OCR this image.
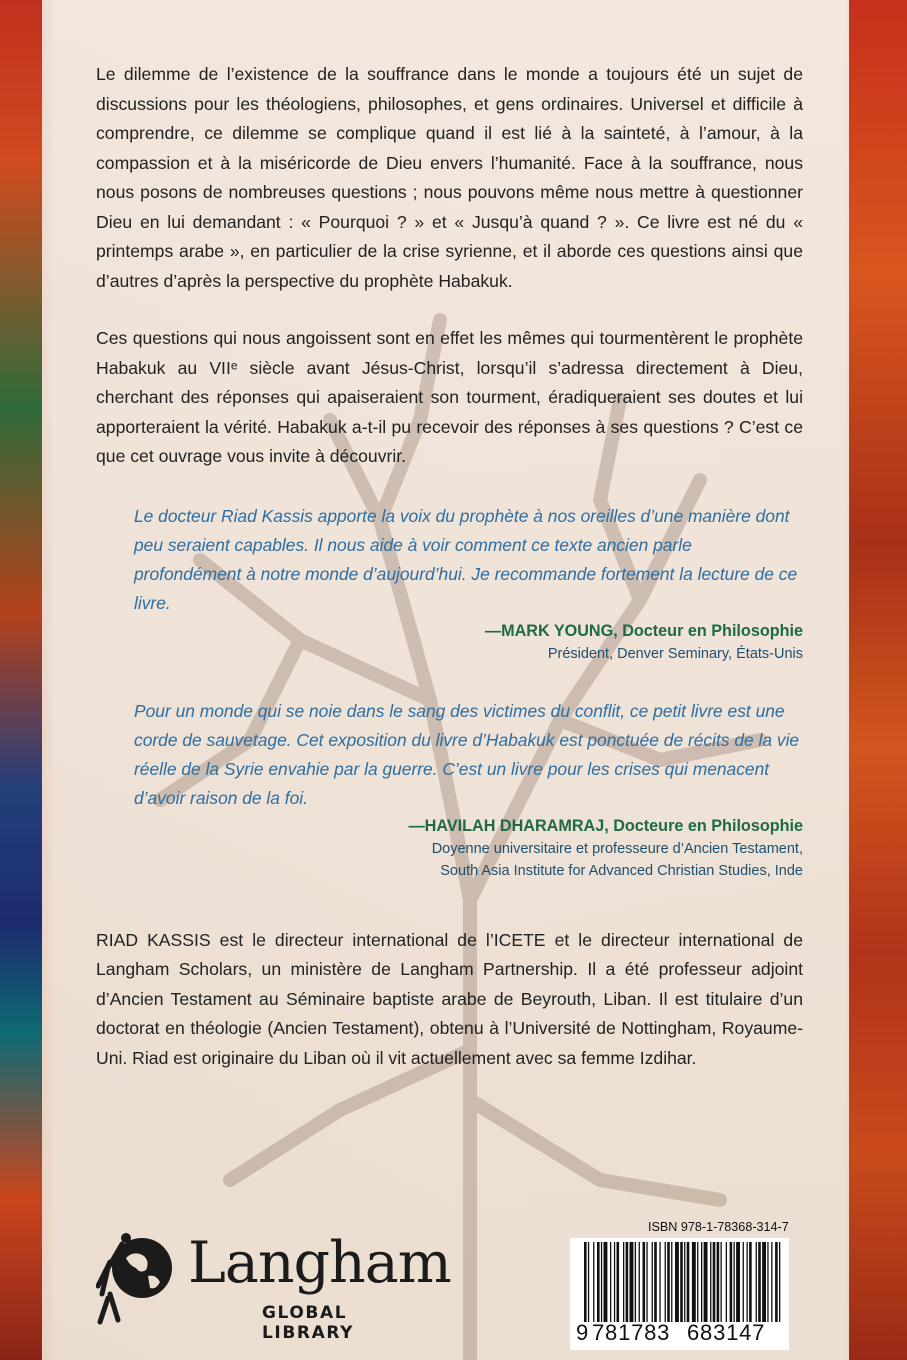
Le dilemme de l’existence de la souffrance dans le monde a toujours été un sujet de discussions pour les théologiens, philosophes, et gens ordinaires. Universel et difficile à comprendre, ce dilemme se complique quand il est lié à la sainteté, à l’amour, à la compassion et à la miséricorde de Dieu envers l’humanité. Face à la souffrance, nous nous posons de nombreuses questions ; nous pouvons même nous mettre à questionner Dieu en lui demandant : « Pourquoi ? » et « Jusqu’à quand ? ». Ce livre est né du « printemps arabe », en particulier de la crise syrienne, et il aborde ces questions ainsi que d’autres d’après la perspective du prophète Habakuk.

Ces questions qui nous angoissent sont en effet les mêmes qui tourmentèrent le prophète Habakuk au VIIᵉ siècle avant Jésus-Christ, lorsqu’il s’adressa directement à Dieu, cherchant des réponses qui apaiseraient son tourment, éradiqueraient ses doutes et lui apporteraient la vérité. Habakuk a-t-il pu recevoir des réponses à ses questions ? C’est ce que cet ouvrage vous invite à découvrir.

Le docteur Riad Kassis apporte la voix du prophète à nos oreilles d’une manière dont peu seraient capables. Il nous aide à voir comment ce texte ancien parle profondément à notre monde d’aujourd’hui. Je recommande fortement la lecture de ce livre.

—MARK YOUNG, Docteur en Philosophie
Président, Denver Seminary, États-Unis

Pour un monde qui se noie dans le sang des victimes du conflit, ce petit livre est une corde de sauvetage. Cet exposition du livre d’Habakuk est ponctuée de récits de la vie réelle de la Syrie envahie par la guerre. C’est un livre pour les crises qui menacent d’avoir raison de la foi.

—HAVILAH DHARAMRAJ, Docteure en Philosophie
Doyenne universitaire et professeure d’Ancien Testament,
South Asia Institute for Advanced Christian Studies, Inde

RIAD KASSIS est le directeur international de l’ICETE et le directeur international de Langham Scholars, un ministère de Langham Partnership. Il a été professeur adjoint d’Ancien Testament au Séminaire baptiste arabe de Beyrouth, Liban. Il est titulaire d’un doctorat en théologie (Ancien Testament), obtenu à l’Université de Nottingham, Royaume-Uni. Riad est originaire du Liban où il vit actuellement avec sa femme Izdihar.

Langham
GLOBAL LIBRARY
ISBN 978-1-78368-314-7
9 781783 683147
